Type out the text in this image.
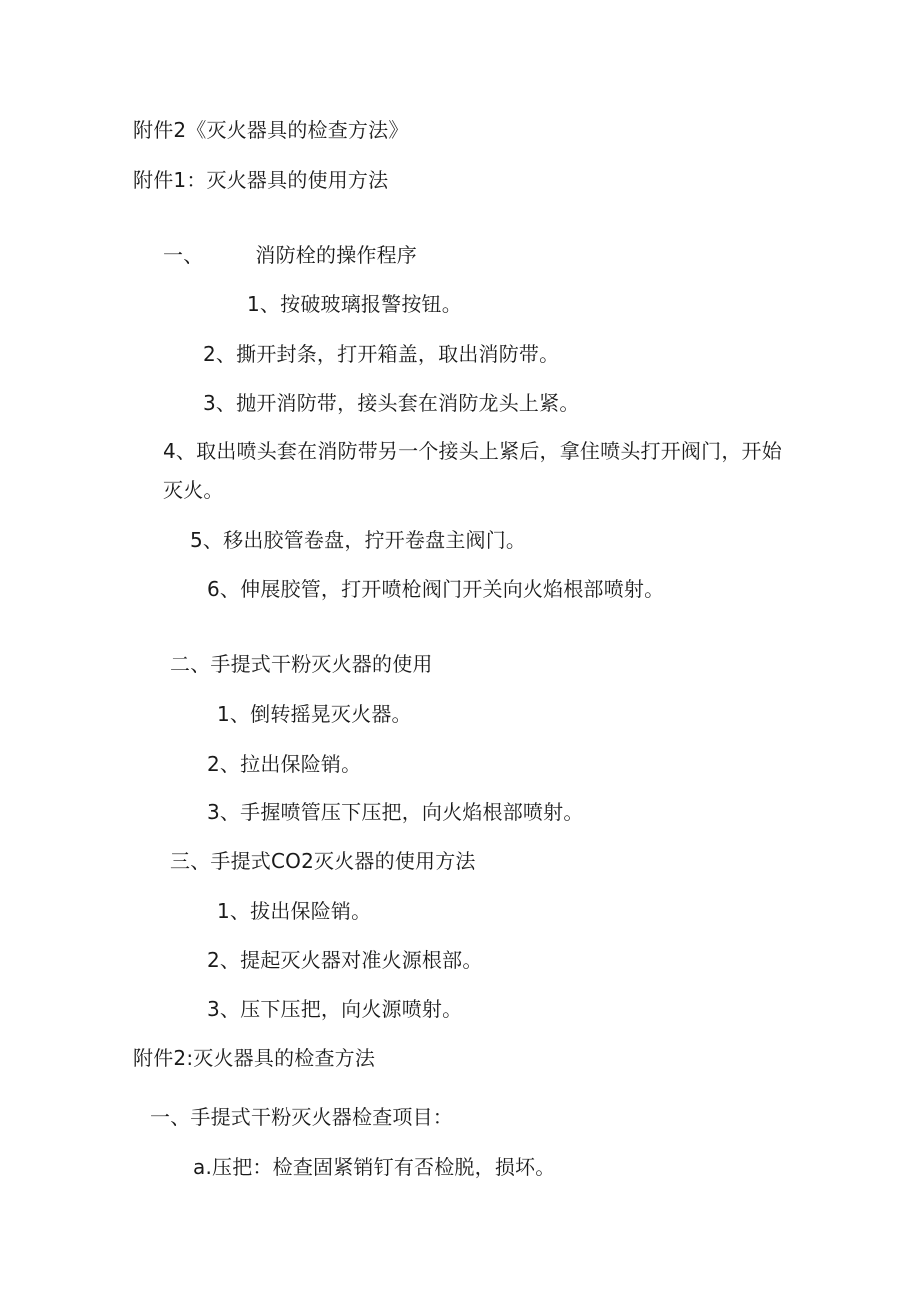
附件2《灭火器具的检查方法》
附件1：灭火器具的使用方法
一、	消防栓的操作程序
1、按破玻璃报警按钮。
2、撕开封条，打开箱盖，取出消防带。
3、抛开消防带，接头套在消防龙头上紧。
4、取出喷头套在消防带另一个接头上紧后，拿住喷头打开阀门，开始
灭火。
5、移出胶管卷盘，拧开卷盘主阀门。
6、伸展胶管，打开喷枪阀门开关向火焰根部喷射。
二、手提式干粉灭火器的使用
1、倒转摇晃灭火器。
2、拉出保险销。
3、手握喷管压下压把，向火焰根部喷射。
三、手提式CO2灭火器的使用方法
1、拔出保险销。
2、提起灭火器对准火源根部。
3、压下压把，向火源喷射。
附件2:灭火器具的检查方法
一、手提式干粉灭火器检查项目：
a.压把：检查固紧销钉有否检脱，损坏。
